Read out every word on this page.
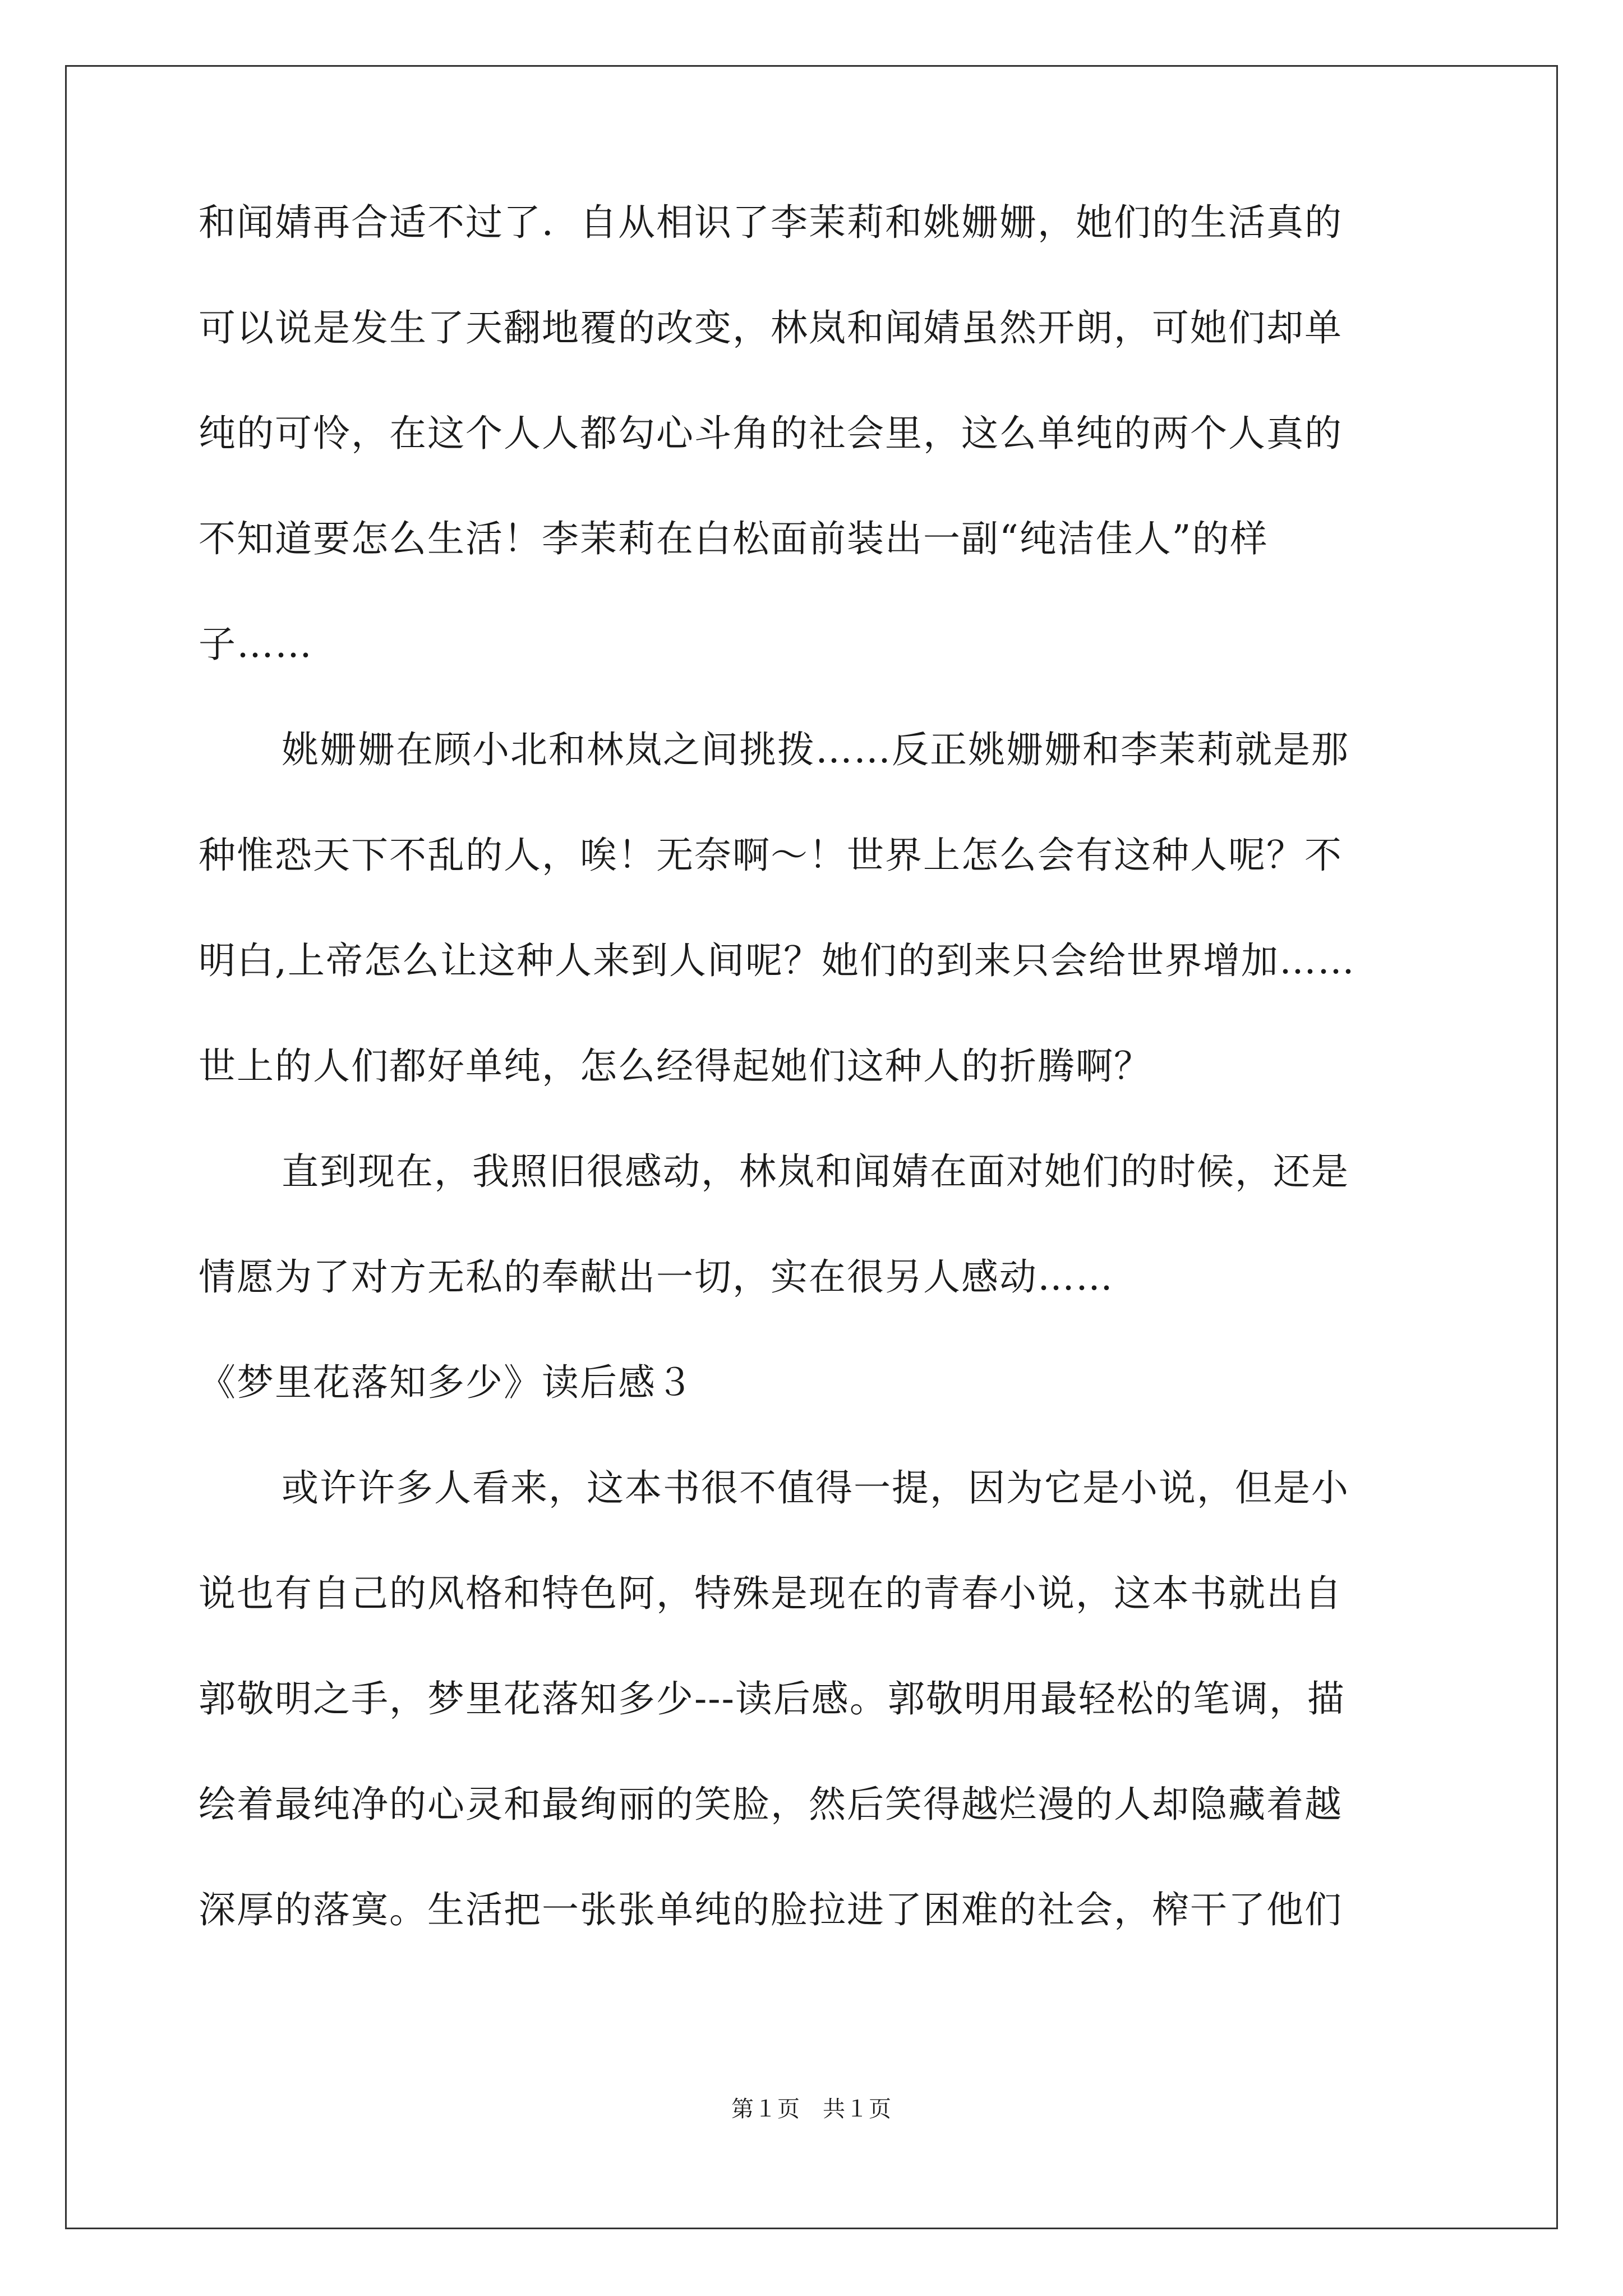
和闻婧再合适不过了．自从相识了李茉莉和姚姗姗，她们的生活真的

可以说是发生了天翻地覆的改变，林岚和闻婧虽然开朗，可她们却单

纯的可怜，在这个人人都勾心斗角的社会里，这么单纯的两个人真的

不知道要怎么生活！李茉莉在白松面前装出一副“纯洁佳人”的样

子……

姚姗姗在顾小北和林岚之间挑拨……反正姚姗姗和李茉莉就是那

种惟恐天下不乱的人，唉！无奈啊～！世界上怎么会有这种人呢？不

明白,上帝怎么让这种人来到人间呢？她们的到来只会给世界增加……

世上的人们都好单纯，怎么经得起她们这种人的折腾啊？

直到现在，我照旧很感动，林岚和闻婧在面对她们的时候，还是

情愿为了对方无私的奉献出一切，实在很另人感动……

《梦里花落知多少》读后感３

或许许多人看来，这本书很不值得一提，因为它是小说，但是小

说也有自己的风格和特色阿，特殊是现在的青春小说，这本书就出自

郭敬明之手，梦里花落知多少---读后感。郭敬明用最轻松的笔调，描

绘着最纯净的心灵和最绚丽的笑脸，然后笑得越烂漫的人却隐藏着越

深厚的落寞。生活把一张张单纯的脸拉进了困难的社会，榨干了他们

第１页 共１页
